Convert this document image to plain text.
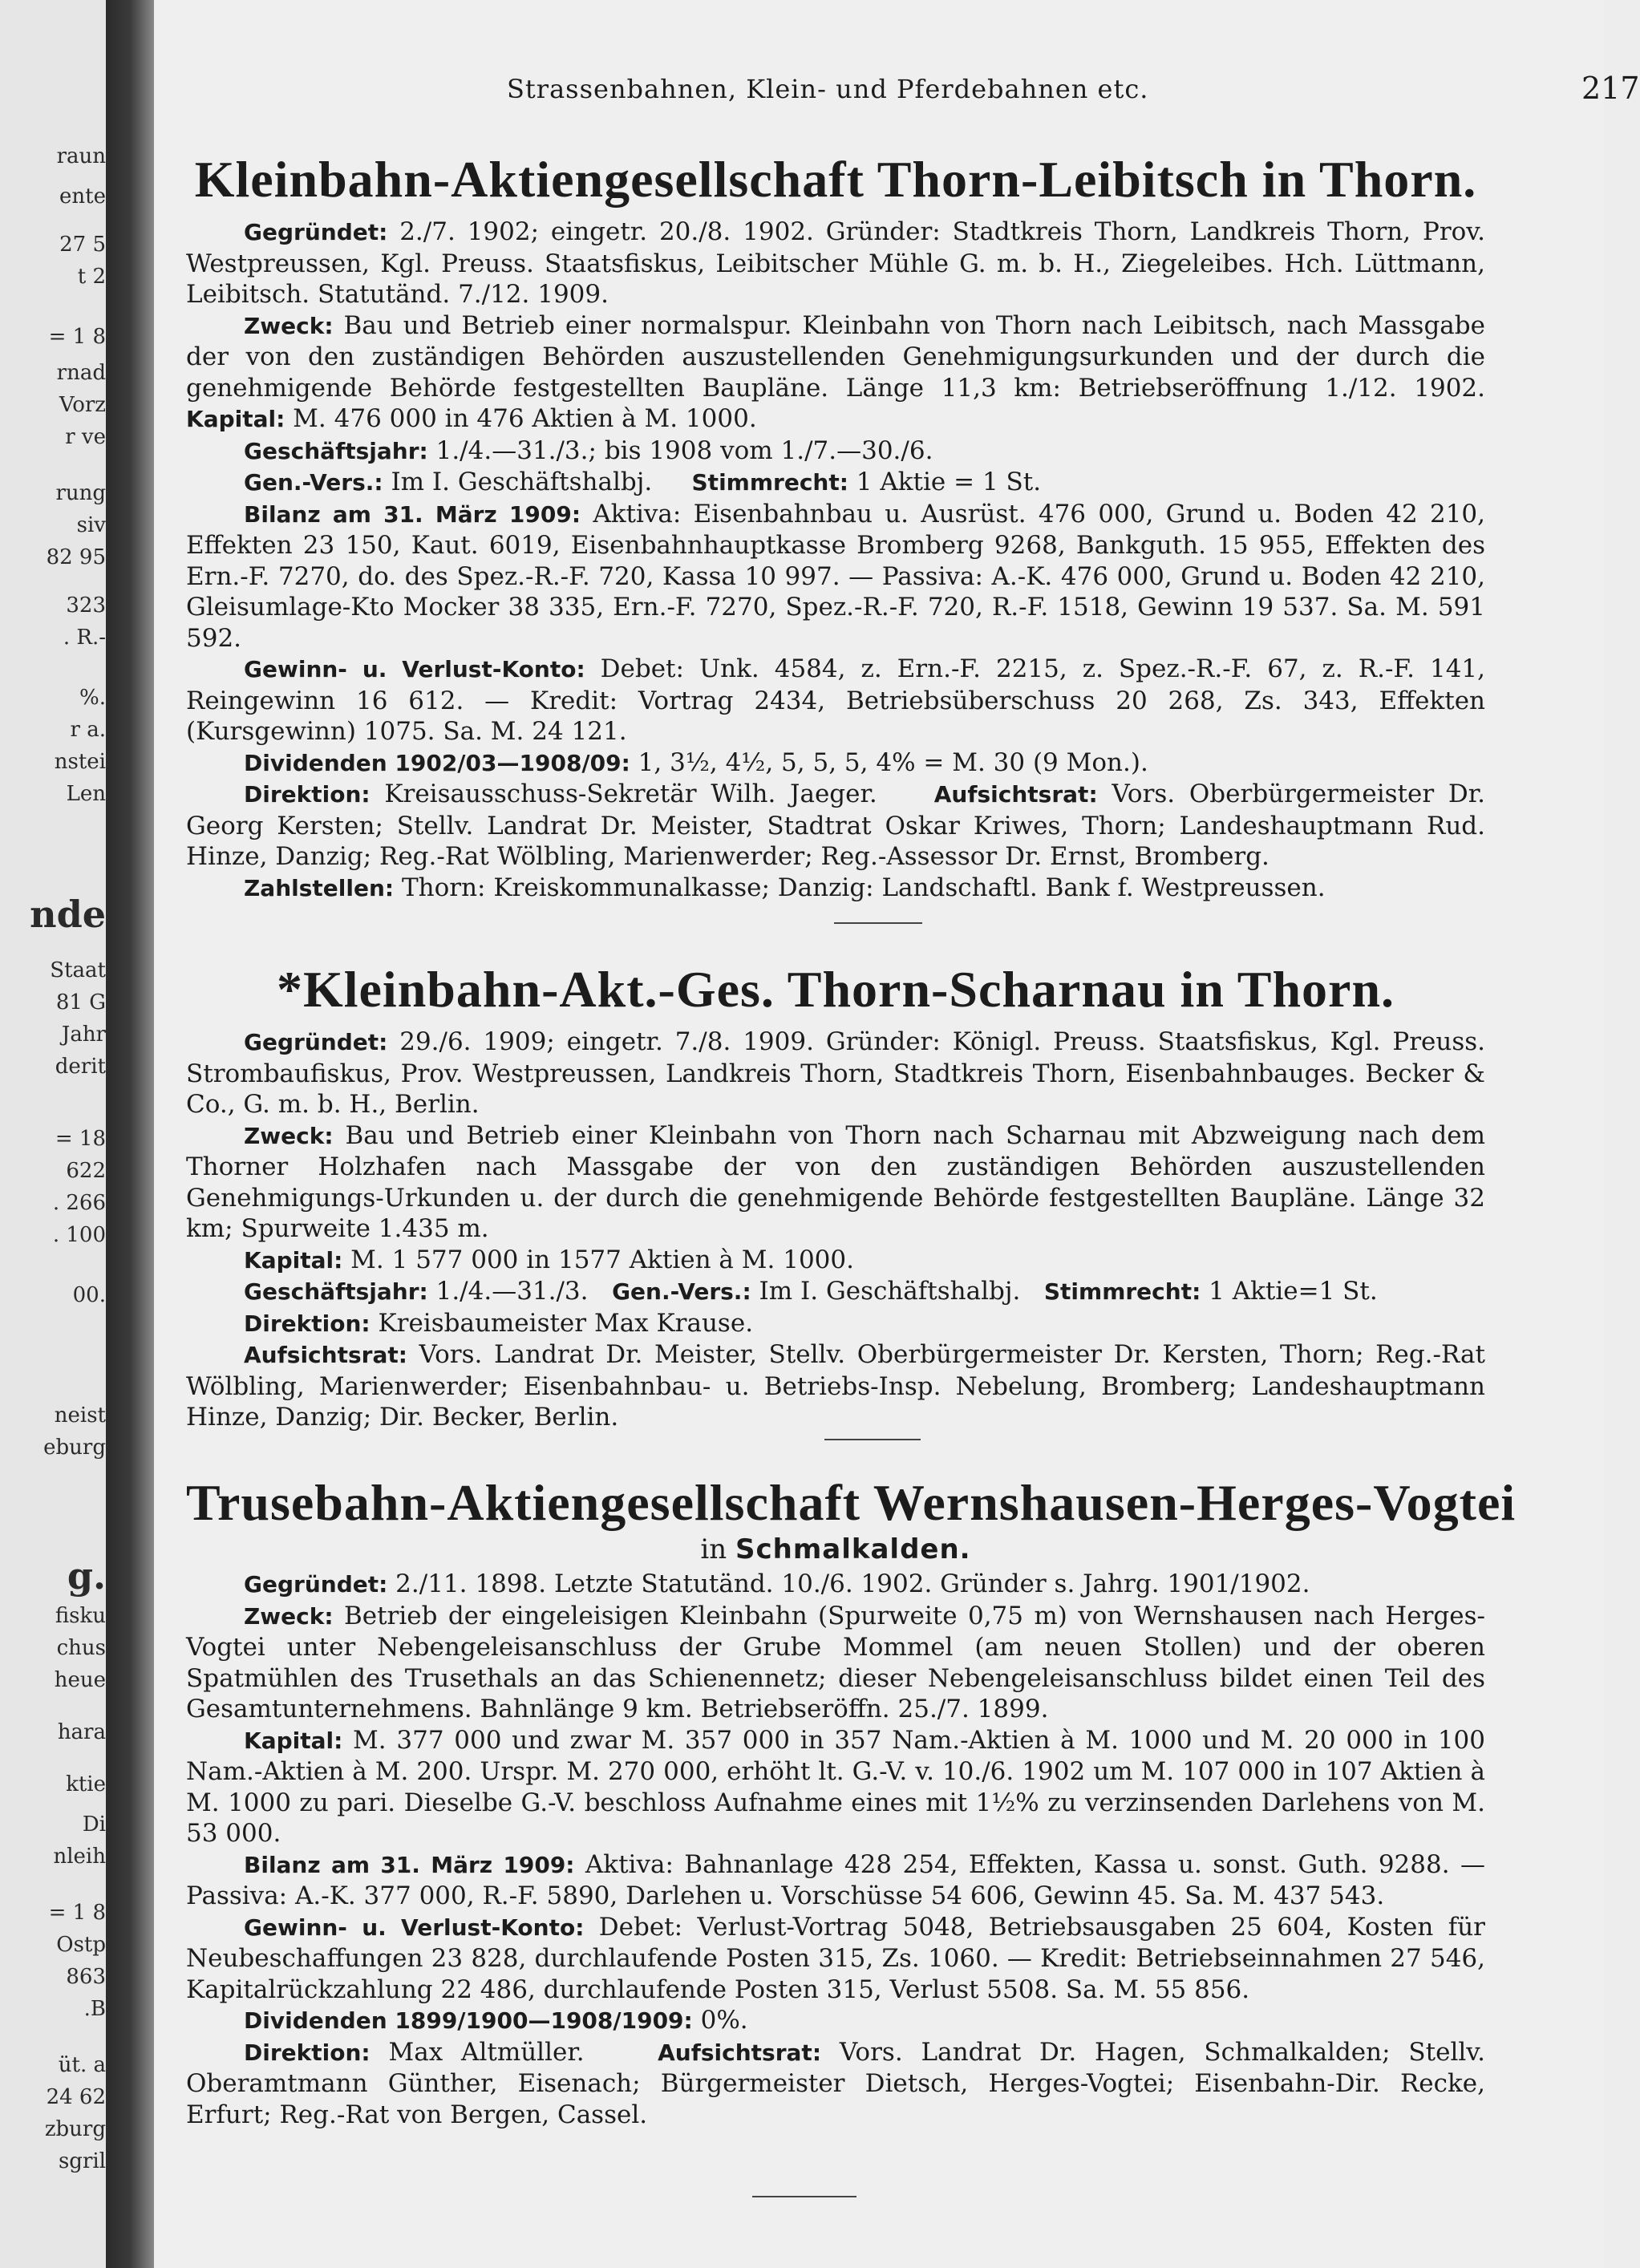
raun
ente
27 5
t 2
= 1 8
rnad
Vorz
r ve
rung
siv
82 95
323
. R.-
%.
r a.
nstei
Len
nde
Staat
81 G
Jahr
derit
= 18
622
. 266
. 100
00.
neist
eburg
g.
fisku
chus
heue
hara
ktie
Di
nleih
= 1 8
Ostp
863
.B
üt. a
24 62
zburg
sgril
Strassenbahnen, Klein- und Pferdebahnen etc.	217
Kleinbahn-Aktiengesellschaft Thorn-Leibitsch in Thorn.

Gegründet: 2./7. 1902; eingetr. 20./8. 1902. Gründer: Stadtkreis Thorn, Landkreis Thorn, Prov. Westpreussen, Kgl. Preuss. Staatsfiskus, Leibitscher Mühle G. m. b. H., Ziegeleibes. Hch. Lüttmann, Leibitsch. Statutänd. 7./12. 1909.

Zweck: Bau und Betrieb einer normalspur. Kleinbahn von Thorn nach Leibitsch, nach Massgabe der von den zuständigen Behörden auszustellenden Genehmigungsurkunden und der durch die genehmigende Behörde festgestellten Baupläne. Länge 11,3 km: Betriebseröffnung 1./12. 1902. Kapital: M. 476 000 in 476 Aktien à M. 1000.

Geschäftsjahr: 1./4.—31./3.; bis 1908 vom 1./7.—30./6.

Gen.-Vers.: Im I. Geschäftshalbj. Stimmrecht: 1 Aktie = 1 St.

Bilanz am 31. März 1909: Aktiva: Eisenbahnbau u. Ausrüst. 476 000, Grund u. Boden 42 210, Effekten 23 150, Kaut. 6019, Eisenbahnhauptkasse Bromberg 9268, Bankguth. 15 955, Effekten des Ern.-F. 7270, do. des Spez.-R.-F. 720, Kassa 10 997. — Passiva: A.-K. 476 000, Grund u. Boden 42 210, Gleisumlage-Kto Mocker 38 335, Ern.-F. 7270, Spez.-R.-F. 720, R.-F. 1518, Gewinn 19 537. Sa. M. 591 592.

Gewinn- u. Verlust-Konto: Debet: Unk. 4584, z. Ern.-F. 2215, z. Spez.-R.-F. 67, z. R.-F. 141, Reingewinn 16 612. — Kredit: Vortrag 2434, Betriebsüberschuss 20 268, Zs. 343, Effekten (Kursgewinn) 1075. Sa. M. 24 121.

Dividenden 1902/03—1908/09: 1, 3½, 4½, 5, 5, 5, 4% = M. 30 (9 Mon.).

Direktion: Kreisausschuss-Sekretär Wilh. Jaeger.	Aufsichtsrat: Vors. Oberbürgermeister Dr. Georg Kersten; Stellv. Landrat Dr. Meister, Stadtrat Oskar Kriwes, Thorn; Landeshauptmann Rud. Hinze, Danzig; Reg.-Rat Wölbling, Marienwerder; Reg.-Assessor Dr. Ernst, Bromberg.

Zahlstellen: Thorn: Kreiskommunalkasse; Danzig: Landschaftl. Bank f. Westpreussen.

*Kleinbahn-Akt.-Ges. Thorn-Scharnau in Thorn.

Gegründet: 29./6. 1909; eingetr. 7./8. 1909. Gründer: Königl. Preuss. Staatsfiskus, Kgl. Preuss. Strombaufiskus, Prov. Westpreussen, Landkreis Thorn, Stadtkreis Thorn, Eisenbahnbauges. Becker & Co., G. m. b. H., Berlin.

Zweck: Bau und Betrieb einer Kleinbahn von Thorn nach Scharnau mit Abzweigung nach dem Thorner Holzhafen nach Massgabe der von den zuständigen Behörden auszustellenden Genehmigungs-Urkunden u. der durch die genehmigende Behörde festgestellten Baupläne. Länge 32 km; Spurweite 1.435 m.

Kapital: M. 1 577 000 in 1577 Aktien à M. 1000.

Geschäftsjahr: 1./4.—31./3. Gen.-Vers.: Im I. Geschäftshalbj. Stimmrecht: 1 Aktie=1 St.

Direktion: Kreisbaumeister Max Krause.

Aufsichtsrat: Vors. Landrat Dr. Meister, Stellv. Oberbürgermeister Dr. Kersten, Thorn; Reg.-Rat Wölbling, Marienwerder; Eisenbahnbau- u. Betriebs-Insp. Nebelung, Bromberg; Landeshauptmann Hinze, Danzig; Dir. Becker, Berlin.

Trusebahn-Aktiengesellschaft Wernshausen-Herges-Vogtei
in Schmalkalden.

Gegründet: 2./11. 1898. Letzte Statutänd. 10./6. 1902. Gründer s. Jahrg. 1901/1902.

Zweck: Betrieb der eingeleisigen Kleinbahn (Spurweite 0,75 m) von Wernshausen nach Herges-Vogtei unter Nebengeleisanschluss der Grube Mommel (am neuen Stollen) und der oberen Spatmühlen des Trusethals an das Schienennetz; dieser Nebengeleisanschluss bildet einen Teil des Gesamtunternehmens. Bahnlänge 9 km. Betriebseröffn. 25./7. 1899.

Kapital: M. 377 000 und zwar M. 357 000 in 357 Nam.-Aktien à M. 1000 und M. 20 000 in 100 Nam.-Aktien à M. 200. Urspr. M. 270 000, erhöht lt. G.-V. v. 10./6. 1902 um M. 107 000 in 107 Aktien à M. 1000 zu pari. Dieselbe G.-V. beschloss Aufnahme eines mit 1½% zu verzinsenden Darlehens von M. 53 000.

Bilanz am 31. März 1909: Aktiva: Bahnanlage 428 254, Effekten, Kassa u. sonst. Guth. 9288. — Passiva: A.-K. 377 000, R.-F. 5890, Darlehen u. Vorschüsse 54 606, Gewinn 45. Sa. M. 437 543.

Gewinn- u. Verlust-Konto: Debet: Verlust-Vortrag 5048, Betriebsausgaben 25 604, Kosten für Neubeschaffungen 23 828, durchlaufende Posten 315, Zs. 1060. — Kredit: Betriebseinnahmen 27 546, Kapitalrückzahlung 22 486, durchlaufende Posten 315, Verlust 5508. Sa. M. 55 856.

Dividenden 1899/1900—1908/1909: 0%.

Direktion: Max Altmüller.	Aufsichtsrat: Vors. Landrat Dr. Hagen, Schmalkalden; Stellv. Oberamtmann Günther, Eisenach; Bürgermeister Dietsch, Herges-Vogtei; Eisenbahn-Dir. Recke, Erfurt; Reg.-Rat von Bergen, Cassel.
